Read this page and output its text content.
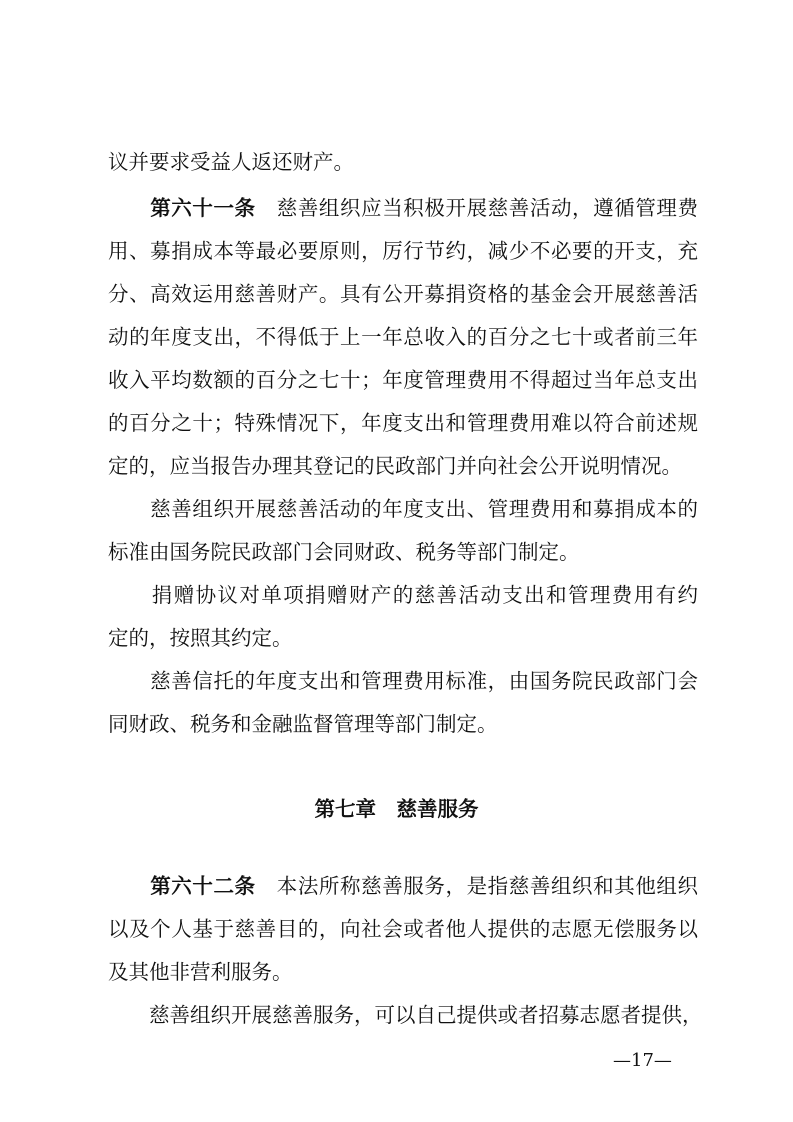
议并要求受益人返还财产。
　　第六十一条　 慈善组织应当积极开展慈善活动，遵循管理费
用、募捐成本等最必要原则，厉行节约，减少不必要的开支，充
分、高效运用慈善财产。具有公开募捐资格的基金会开展慈善活
动的年度支出，不得低于上一年总收入的百分之七十或者前三年
收入平均数额的百分之七十；年度管理费用不得超过当年总支出
的百分之十；特殊情况下，年度支出和管理费用难以符合前述规
定的，应当报告办理其登记的民政部门并向社会公开说明情况。
　　慈善组织开展慈善活动的年度支出、管理费用和募捐成本的
标准由国务院民政部门会同财政、税务等部门制定。
　　捐赠协议对单项捐赠财产的慈善活动支出和管理费用有约
定的，按照其约定。
　　慈善信托的年度支出和管理费用标准，由国务院民政部门会
同财政、税务和金融监督管理等部门制定。
第七章　慈善服务
　　第六十二条　 本法所称慈善服务，是指慈善组织和其他组织
以及个人基于慈善目的，向社会或者他人提供的志愿无偿服务以
及其他非营利服务。
　　慈善组织开展慈善服务，可以自己提供或者招募志愿者提供，
—17—
